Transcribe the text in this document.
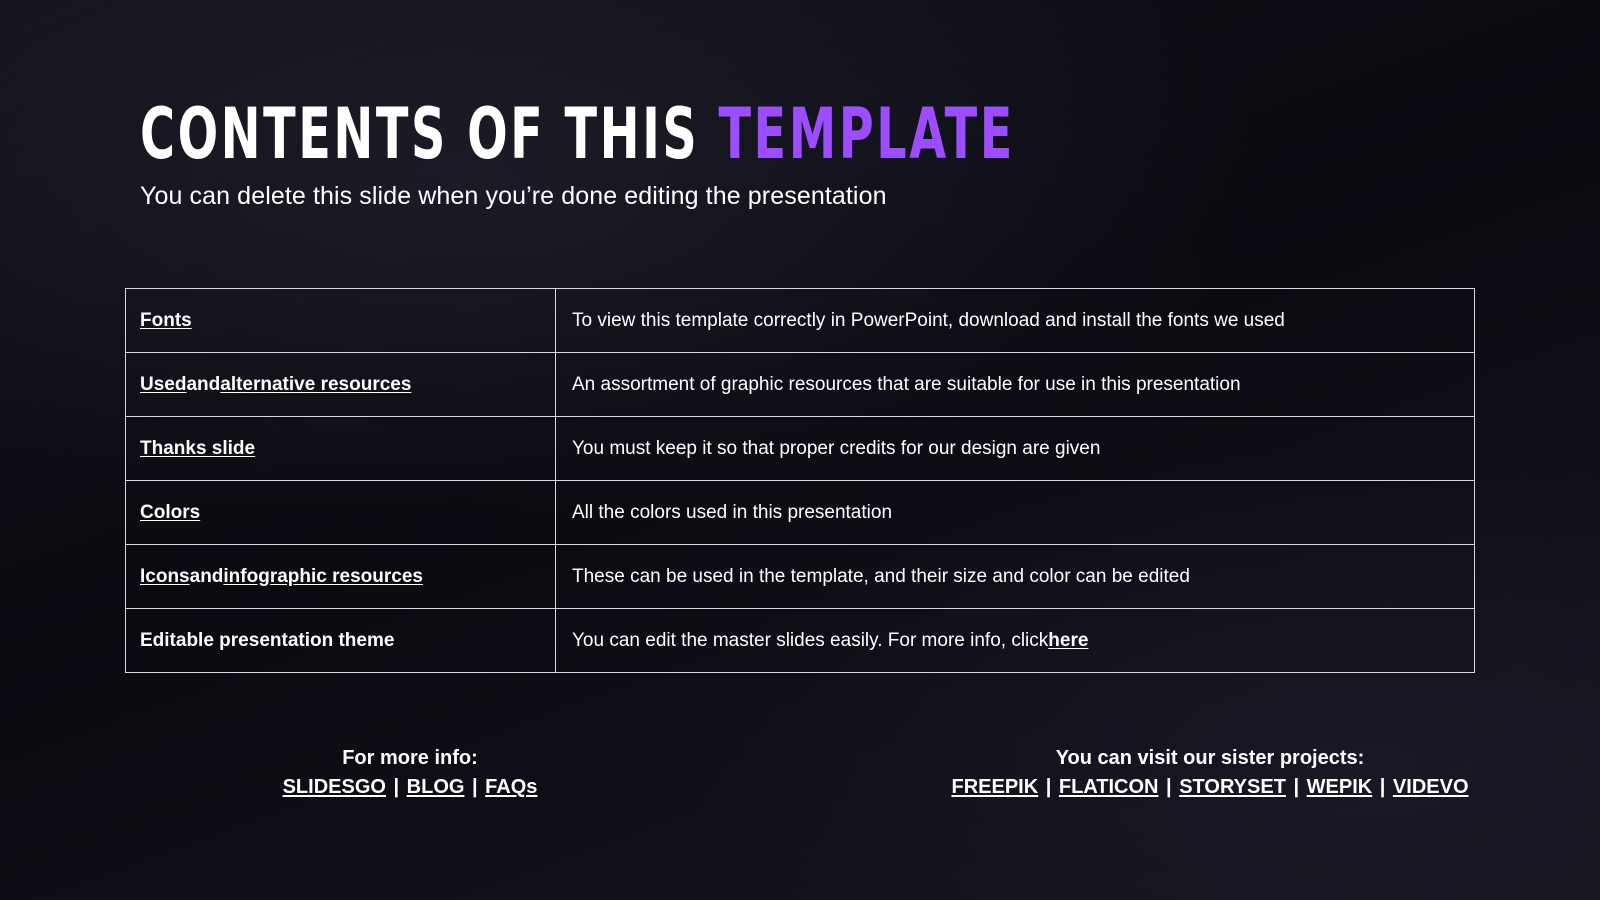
CONTENTS OF THIS TEMPLATE
You can delete this slide when you’re done editing the presentation
Fonts	To view this template correctly in PowerPoint, download and install the fonts we used
Used and alternative resources	An assortment of graphic resources that are suitable for use in this presentation
Thanks slide	You must keep it so that proper credits for our design are given
Colors	All the colors used in this presentation
Icons and infographic resources	These can be used in the template, and their size and color can be edited
Editable presentation theme	You can edit the master slides easily. For more info, click here
For more info:
SLIDESGO | BLOG | FAQs
You can visit our sister projects:
FREEPIK | FLATICON | STORYSET | WEPIK | VIDEVO
